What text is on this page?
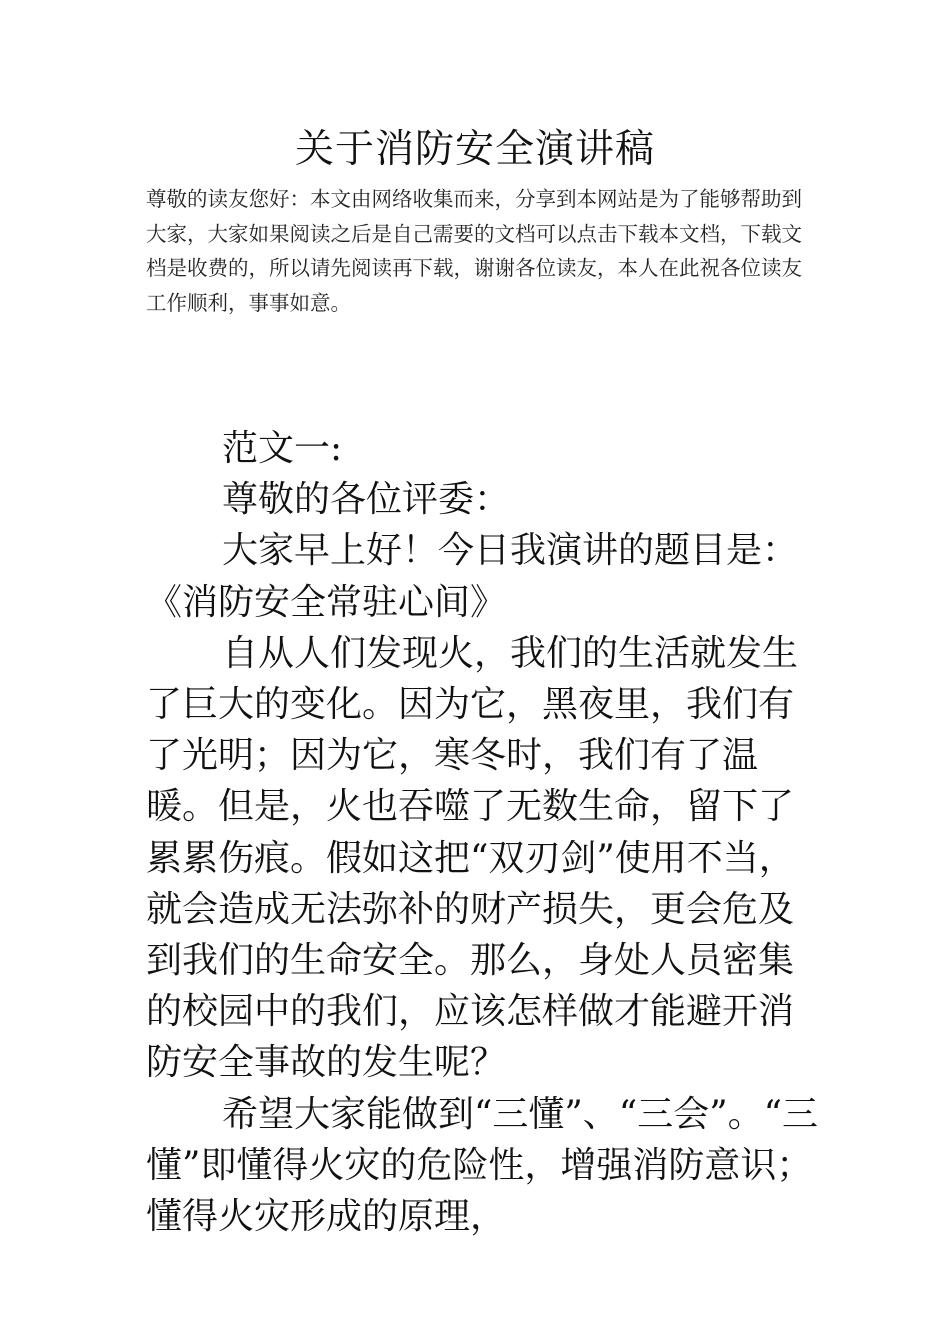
关于消防安全演讲稿

尊敬的读友您好：本文由网络收集而来，分享到本网站是为了能够帮助到大家，大家如果阅读之后是自己需要的文档可以点击下载本文档，下载文档是收费的，所以请先阅读再下载，谢谢各位读友，本人在此祝各位读友工作顺利，事事如意。

范文一:

尊敬的各位评委：

大家早上好！今日我演讲的题目是：《消防安全常驻心间》

自从人们发现火，我们的生活就发生了巨大的变化。因为它，黑夜里，我们有了光明；因为它，寒冬时，我们有了温暖。但是，火也吞噬了无数生命，留下了累累伤痕。假如这把“双刃剑”使用不当，就会造成无法弥补的财产损失，更会危及到我们的生命安全。那么，身处人员密集的校园中的我们，应该怎样做才能避开消防安全事故的发生呢？

希望大家能做到“三懂”、“三会”。“三懂”即懂得火灾的危险性，增强消防意识；懂得火灾形成的原理，
